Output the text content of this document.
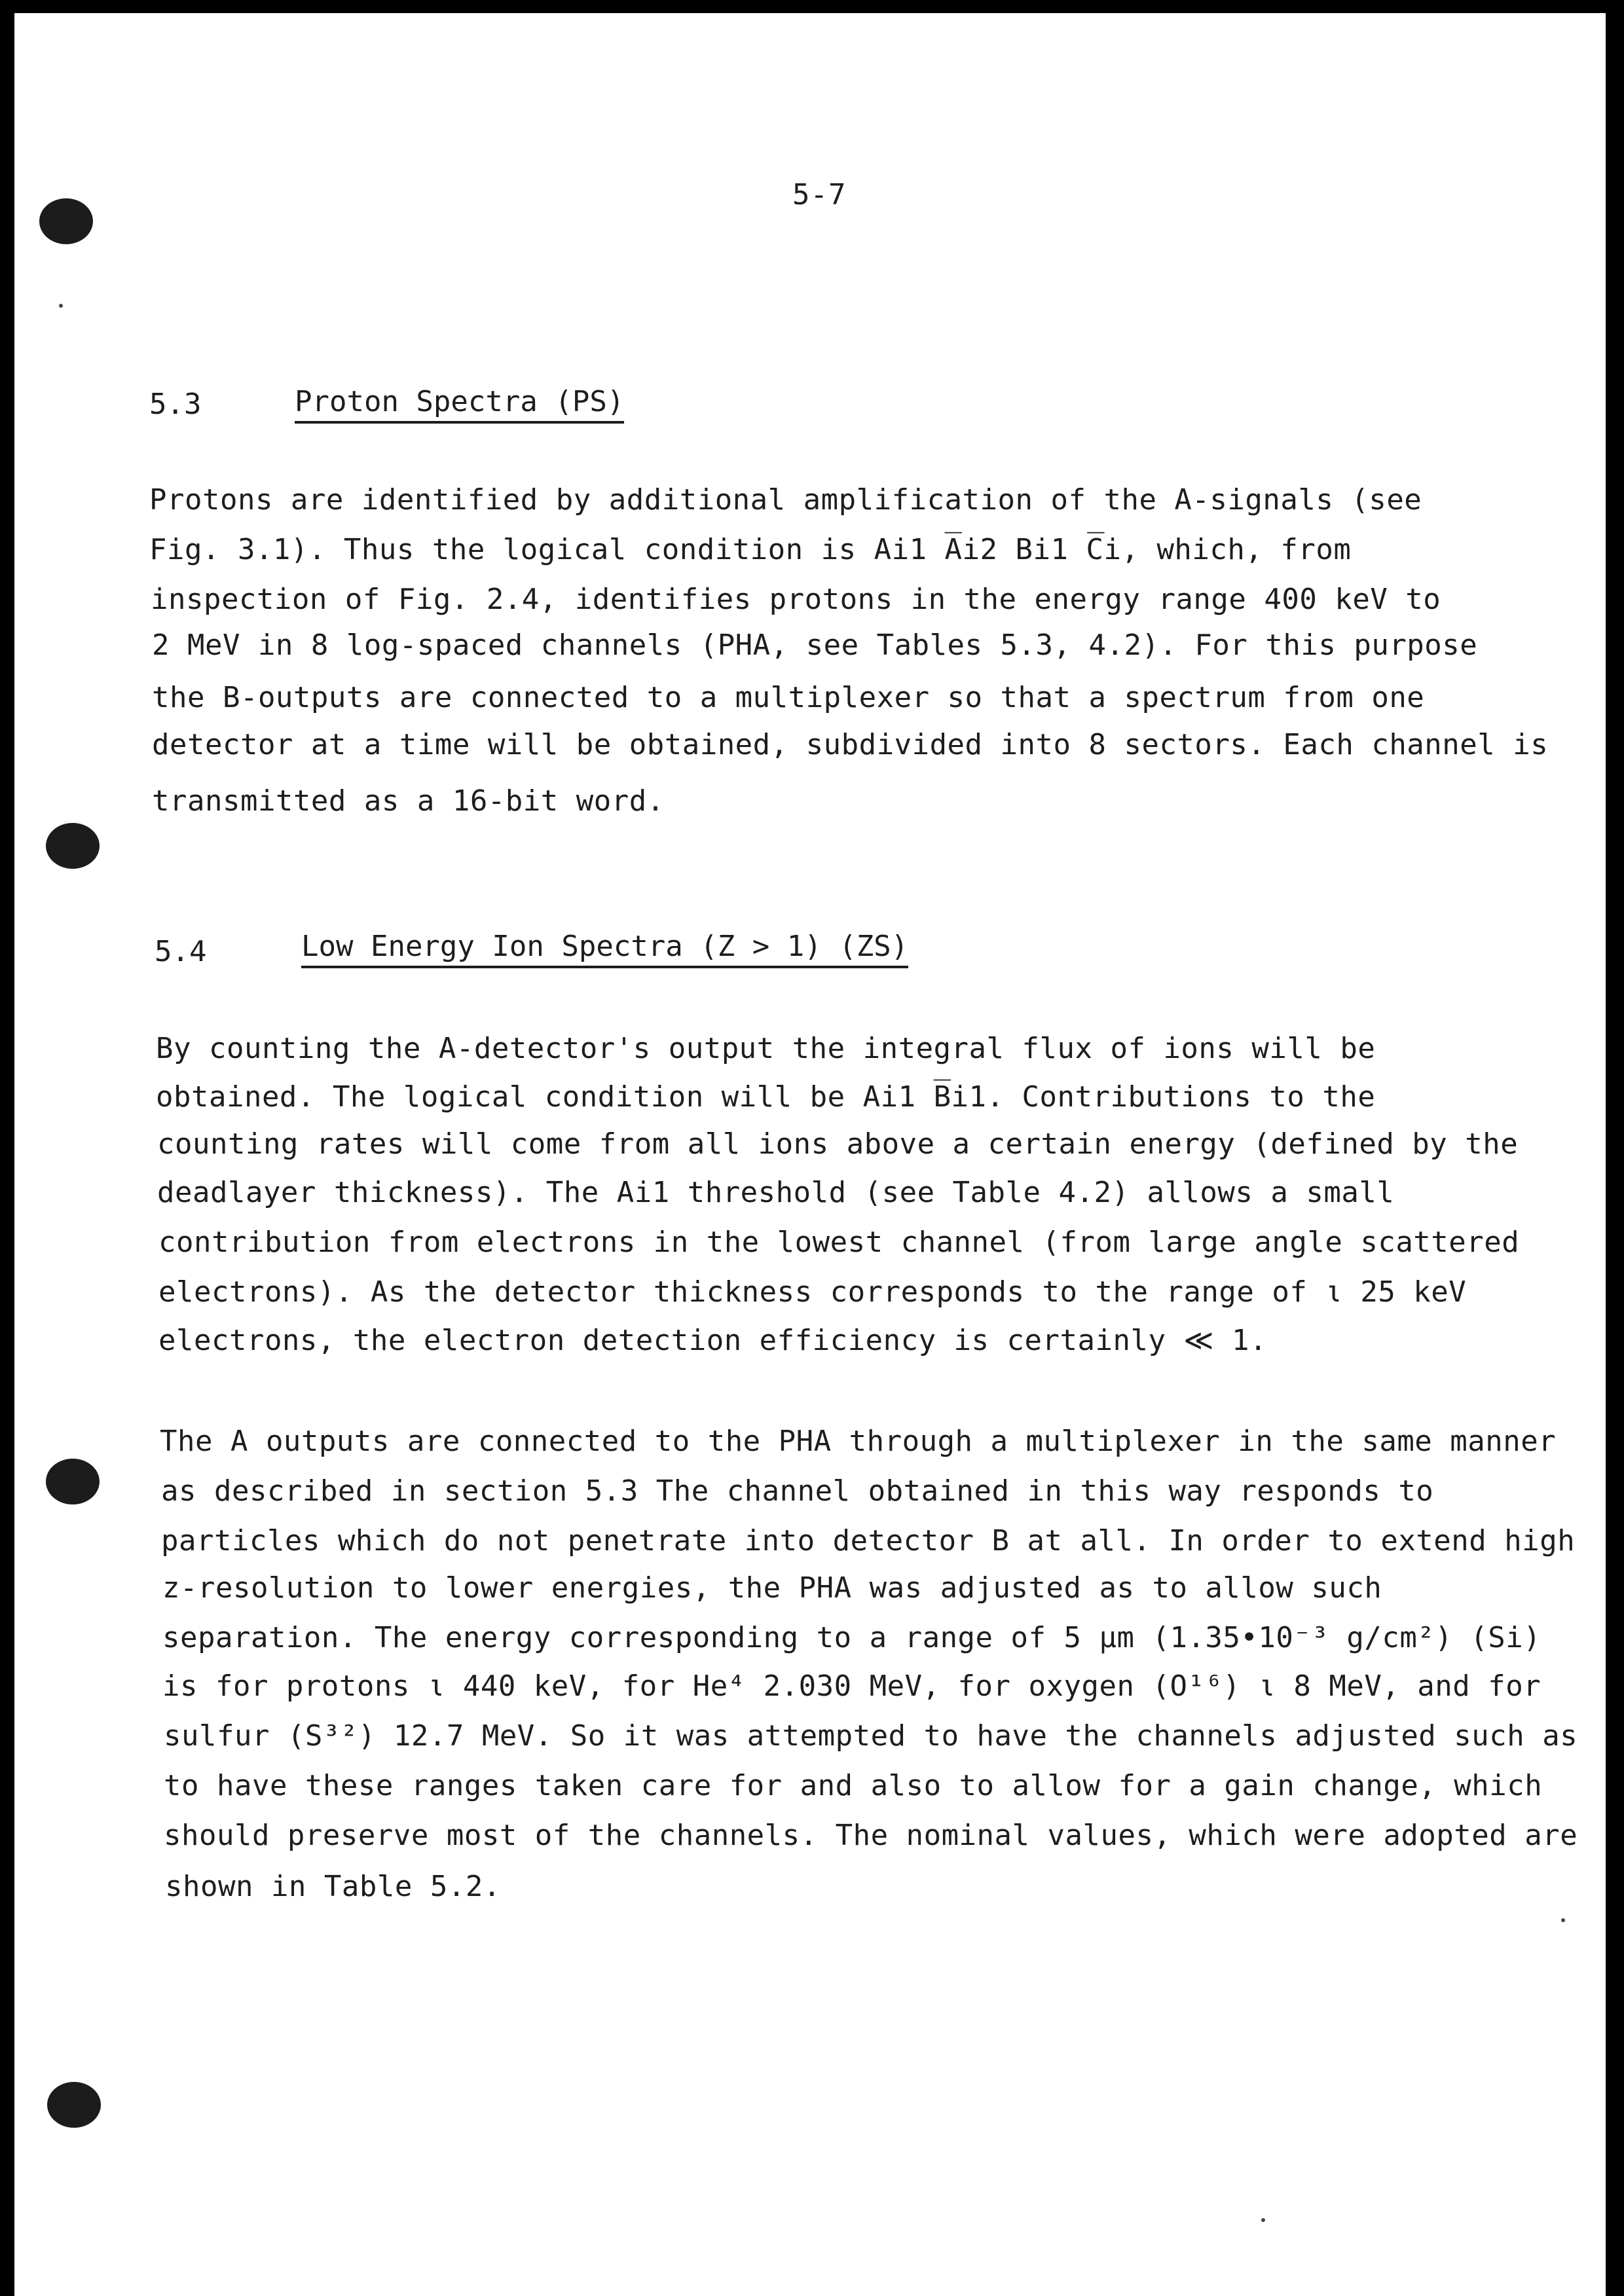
5-7
5.3	Proton Spectra (PS)
Protons are identified by additional amplification of the A-signals (see
Fig. 3.1). Thus the logical condition is Ai1 A̅i2 Bi1 C̅i, which, from
inspection of Fig. 2.4, identifies protons in the energy range 400 keV to
2 MeV in 8 log-spaced channels (PHA, see Tables 5.3, 4.2). For this purpose
the B-outputs are connected to a multiplexer so that a spectrum from one
detector at a time will be obtained, subdivided into 8 sectors. Each channel is
transmitted as a 16-bit word.
5.4	Low Energy Ion Spectra (Z > 1) (ZS)
By counting the A-detector's output the integral flux of ions will be
obtained. The logical condition will be Ai1 B̅i1. Contributions to the
counting rates will come from all ions above a certain energy (defined by the
deadlayer thickness). The Ai1 threshold (see Table 4.2) allows a small
contribution from electrons in the lowest channel (from large angle scattered
electrons). As the detector thickness corresponds to the range of ι 25 keV
electrons, the electron detection efficiency is certainly ≪ 1.
The A outputs are connected to the PHA through a multiplexer in the same manner
as described in section 5.3 The channel obtained in this way responds to
particles which do not penetrate into detector B at all. In order to extend high
z-resolution to lower energies, the PHA was adjusted as to allow such
separation. The energy corresponding to a range of 5 μm (1.35•10⁻³ g/cm²) (Si)
is for protons ι 440 keV, for He⁴ 2.030 MeV, for oxygen (O¹⁶) ι 8 MeV, and for
sulfur (S³²) 12.7 MeV. So it was attempted to have the channels adjusted such as
to have these ranges taken care for and also to allow for a gain change, which
should preserve most of the channels. The nominal values, which were adopted are
shown in Table 5.2.
